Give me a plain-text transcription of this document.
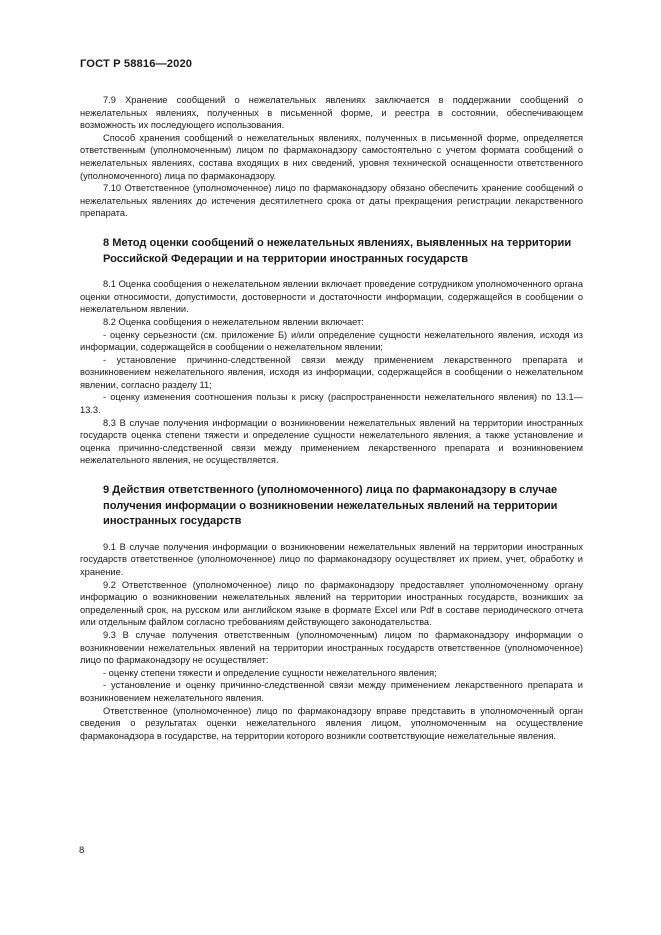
ГОСТ Р 58816—2020

7.9 Хранение сообщений о нежелательных явлениях заключается в поддержании сообщений о нежелательных явлениях, полученных в письменной форме, и реестра в состоянии, обеспечивающем возможность их последующего использования.

Способ хранения сообщений о нежелательных явлениях, полученных в письменной форме, определяется ответственным (уполномоченным) лицом по фармаконадзору самостоятельно с учетом формата сообщений о нежелательных явлениях, состава входящих в них сведений, уровня технической оснащенности ответственного (уполномоченного) лица по фармаконадзору.

7.10 Ответственное (уполномоченное) лицо по фармаконадзору обязано обеспечить хранение сообщений о нежелательных явлениях до истечения десятилетнего срока от даты прекращения регистрации лекарственного препарата.

8 Метод оценки сообщений о нежелательных явлениях, выявленных на территории Российской Федерации и на территории иностранных государств

8.1 Оценка сообщения о нежелательном явлении включает проведение сотрудником уполномоченного органа оценки относимости, допустимости, достоверности и достаточности информации, содержащейся в сообщении о нежелательном явлении.

8.2 Оценка сообщения о нежелательном явлении включает:

- оценку серьезности (см. приложение Б) и/или определение сущности нежелательного явления, исходя из информации, содержащейся в сообщении о нежелательном явлении;

- установление причинно-следственной связи между применением лекарственного препарата и возникновением нежелательного явления, исходя из информации, содержащейся в сообщении о нежелательном явлении, согласно разделу 11;

- оценку изменения соотношения пользы к риску (распространенности нежелательного явления) по 13.1—13.3.

8.3 В случае получения информации о возникновении нежелательных явлений на территории иностранных государств оценка степени тяжести и определение сущности нежелательного явления, а также установление и оценка причинно-следственной связи между применением лекарственного препарата и возникновением нежелательного явления, не осуществляется.

9 Действия ответственного (уполномоченного) лица по фармаконадзору в случае получения информации о возникновении нежелательных явлений на территории иностранных государств

9.1 В случае получения информации о возникновении нежелательных явлений на территории иностранных государств ответственное (уполномоченное) лицо по фармаконадзору осуществляет их прием, учет, обработку и хранение.

9.2 Ответственное (уполномоченное) лицо по фармаконадзору предоставляет уполномоченному органу информацию о возникновении нежелательных явлений на территории иностранных государств, возникших за определенный срок, на русском или английском языке в формате Excel или Pdf в составе периодического отчета или отдельным файлом согласно требованиям действующего законодательства.

9.3 В случае получения ответственным (уполномоченным) лицом по фармаконадзору информации о возникновении нежелательных явлений на территории иностранных государств ответственное (уполномоченное) лицо по фармаконадзору не осуществляет:

- оценку степени тяжести и определение сущности нежелательного явления;

- установление и оценку причинно-следственной связи между применением лекарственного препарата и возникновением нежелательного явления.

Ответственное (уполномоченное) лицо по фармаконадзору вправе представить в уполномоченный орган сведения о результатах оценки нежелательного явления лицом, уполномоченным на осуществление фармаконадзора в государстве, на территории которого возникли соответствующие нежелательные явления.

8
